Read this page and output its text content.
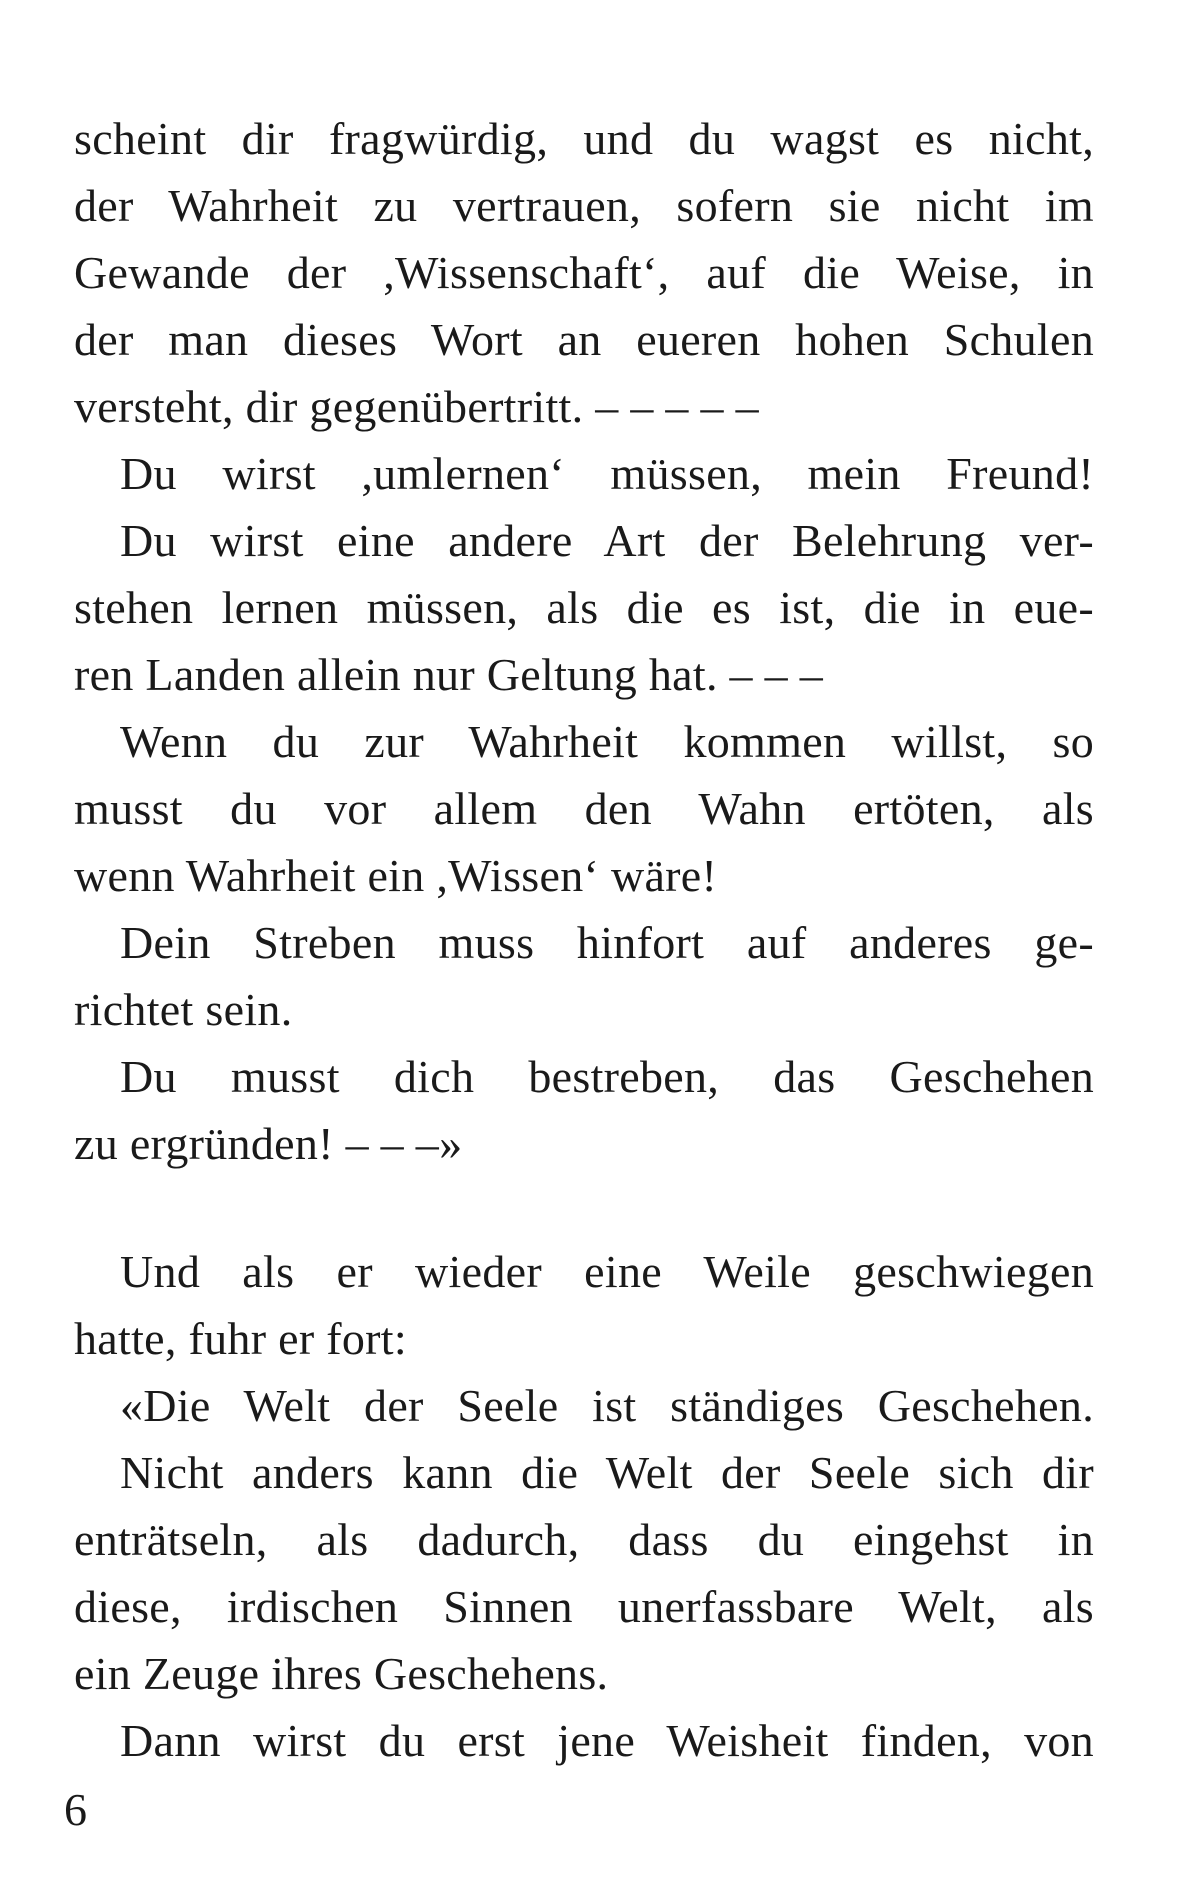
scheint dir fragwürdig, und du wagst es nicht,
der Wahrheit zu vertrauen, sofern sie nicht im
Gewande der ,Wissenschaft‘, auf die Weise, in
der man dieses Wort an eueren hohen Schulen
versteht, dir gegenübertritt. – – – – –
Du wirst ,umlernen‘ müssen, mein Freund!
Du wirst eine andere Art der Belehrung ver-
stehen lernen müssen, als die es ist, die in eue-
ren Landen allein nur Geltung hat. – – –
Wenn du zur Wahrheit kommen willst, so
musst du vor allem den Wahn ertöten, als
wenn Wahrheit ein ,Wissen‘ wäre!
Dein Streben muss hinfort auf anderes ge-
richtet sein.
Du musst dich bestreben, das Geschehen
zu ergründen! – – –»
Und als er wieder eine Weile geschwiegen
hatte, fuhr er fort:
«Die Welt der Seele ist ständiges Geschehen.
Nicht anders kann die Welt der Seele sich dir
enträtseln, als dadurch, dass du eingehst in
diese, irdischen Sinnen unerfassbare Welt, als
ein Zeuge ihres Geschehens.
Dann wirst du erst jene Weisheit finden, von
6
